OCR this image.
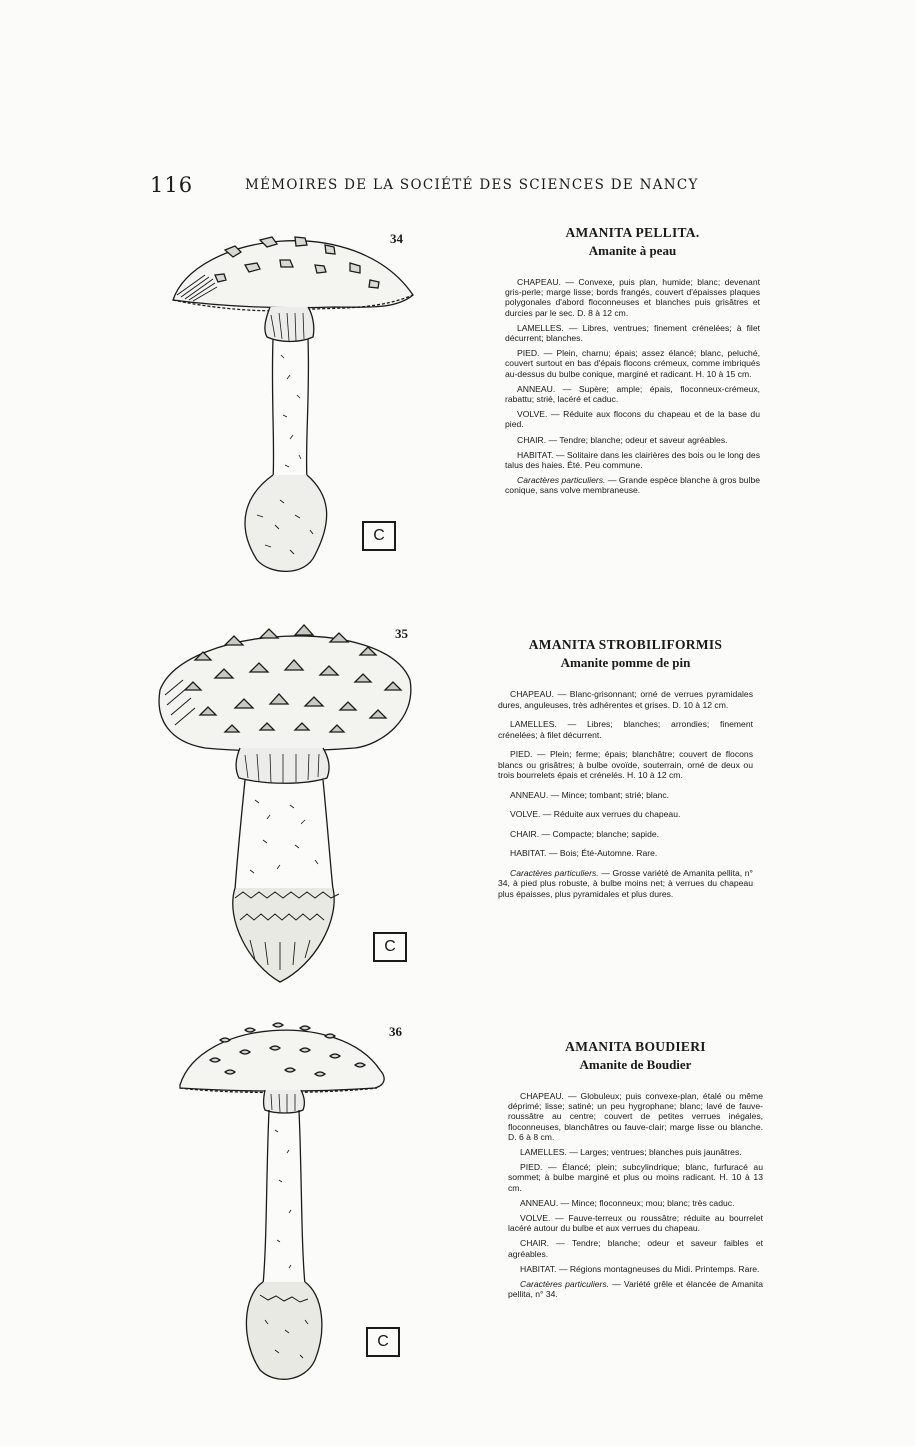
116	MÉMOIRES DE LA SOCIÉTÉ DES SCIENCES DE NANCY
34
C
AMANITA PELLITA.
Amanite à peau

CHAPEAU. — Convexe, puis plan, humide; blanc; devenant gris-perle; marge lisse; bords frangés, couvert d'épaisses plaques polygonales d'abord floconneuses et blanches puis grisâtres et durcies par le sec. D. 8 à 12 cm.

LAMELLES. — Libres, ventrues; finement crénelées; à filet décurrent; blanches.

PIED. — Plein, charnu; épais; assez élancé; blanc, peluché, couvert surtout en bas d'épais flocons crémeux, comme imbriqués au-dessus du bulbe conique, marginé et radicant. H. 10 à 15 cm.

ANNEAU. — Supère; ample; épais, floconneux-crémeux, rabattu; strié, lacéré et caduc.

VOLVE. — Réduite aux flocons du chapeau et de la base du pied.

CHAIR. — Tendre; blanche; odeur et saveur agréables.

HABITAT. — Solitaire dans les clairières des bois ou le long des talus des haies. Été. Peu commune.

Caractères particuliers. — Grande espèce blanche à gros bulbe conique, sans volve membraneuse.

35
C
AMANITA STROBILIFORMIS
Amanite pomme de pin

CHAPEAU. — Blanc-grisonnant; orné de verrues pyramidales dures, anguleuses, très adhérentes et grises. D. 10 à 12 cm.

LAMELLES. — Libres; blanches; arrondies; finement crénelées; à filet décurrent.

PIED. — Plein; ferme; épais; blanchâtre; couvert de flocons blancs ou grisâtres; à bulbe ovoïde, souterrain, orné de deux ou trois bourrelets épais et crénelés. H. 10 à 12 cm.

ANNEAU. — Mince; tombant; strié; blanc.

VOLVE. — Réduite aux verrues du chapeau.

CHAIR. — Compacte; blanche; sapide.

HABITAT. — Bois; Été-Automne. Rare.

Caractères particuliers. — Grosse variété de Amanita pellita, n° 34, à pied plus robuste, à bulbe moins net; à verrues du chapeau plus épaisses, plus pyramidales et plus dures.

36
C
AMANITA BOUDIERI
Amanite de Boudier

CHAPEAU. — Globuleux; puis convexe-plan, étalé ou même déprimé; lisse; satiné; un peu hygrophane; blanc; lavé de fauve-roussâtre au centre; couvert de petites verrues inégales, floconneuses, blanchâtres ou fauve-clair; marge lisse ou blanche. D. 6 à 8 cm.

LAMELLES. — Larges; ventrues; blanches puis jaunâtres.

PIED. — Élancé; plein; subcylindrique; blanc, furfuracé au sommet; à bulbe marginé et plus ou moins radicant. H. 10 à 13 cm.

ANNEAU. — Mince; floconneux; mou; blanc; très caduc.

VOLVE. — Fauve-terreux ou roussâtre; réduite au bourrelet lacéré autour du bulbe et aux verrues du chapeau.

CHAIR. — Tendre; blanche; odeur et saveur faibles et agréables.

HABITAT. — Régions montagneuses du Midi. Printemps. Rare.

Caractères particuliers. — Variété grêle et élancée de Amanita pellita, n° 34.
